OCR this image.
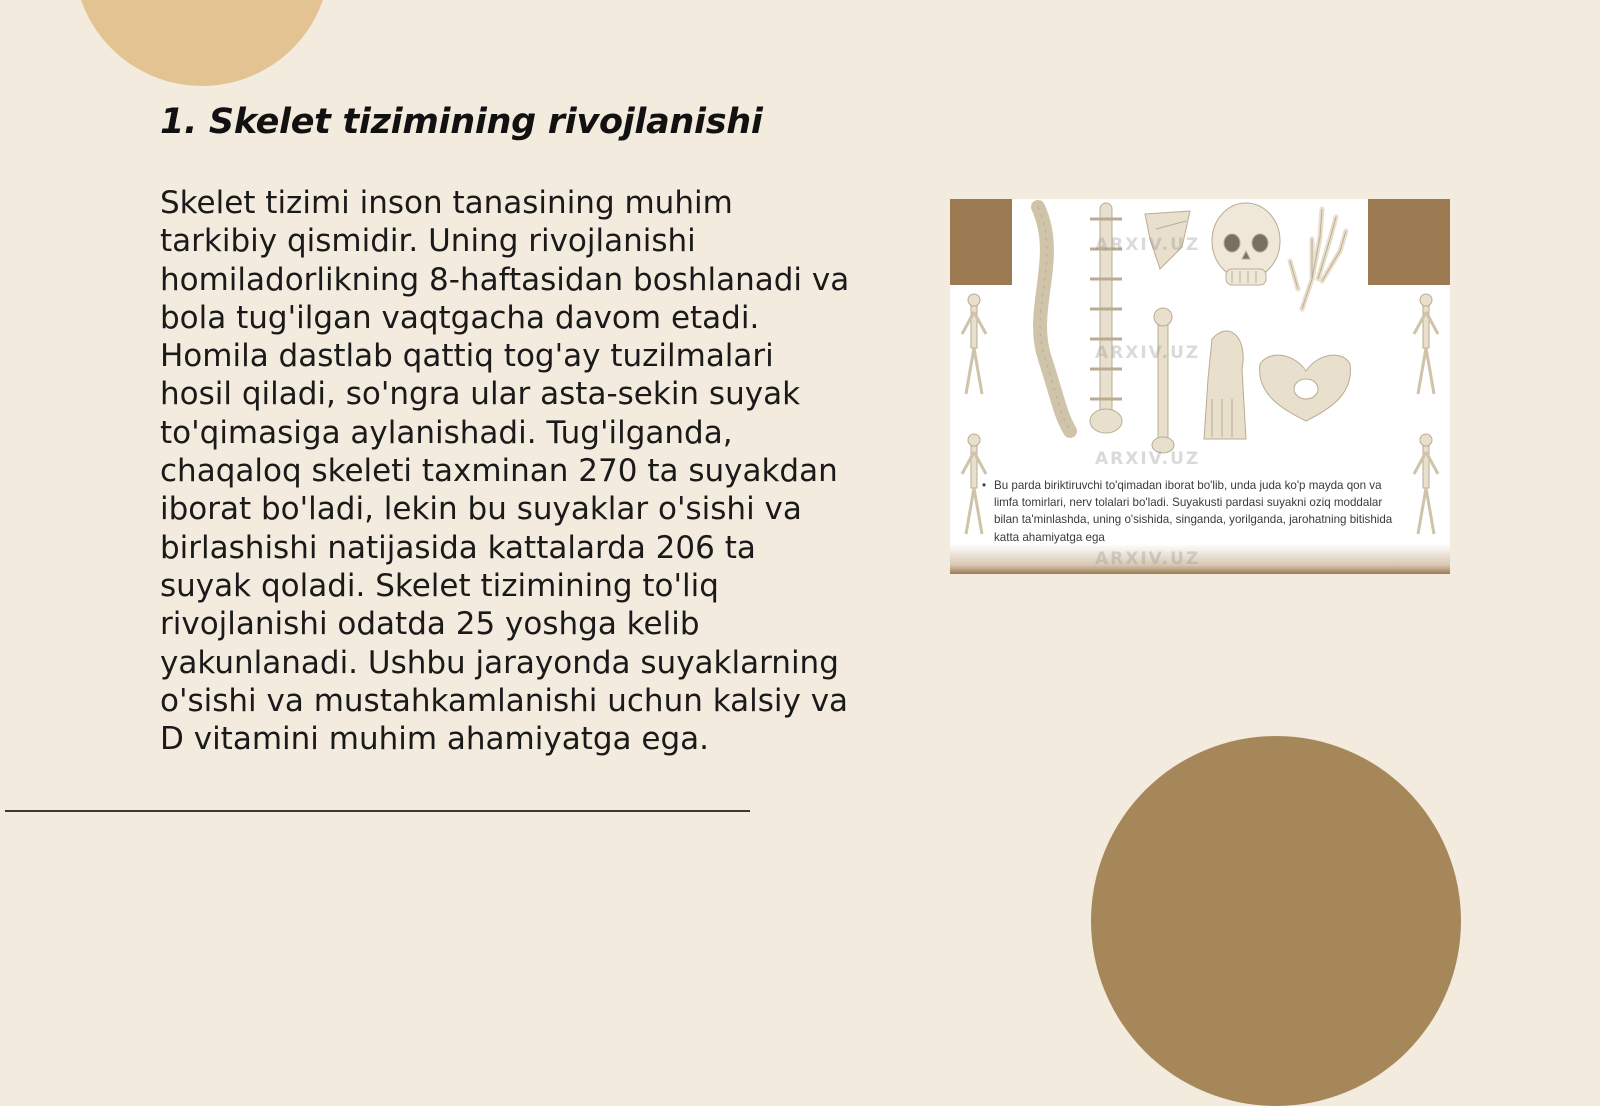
1. Skelet tizimining rivojlanishi
Skelet tizimi inson tanasining muhim tarkibiy qismidir. Uning rivojlanishi homiladorlikning 8-haftasidan boshlanadi va bola tug'ilgan vaqtgacha davom etadi. Homila dastlab qattiq tog'ay tuzilmalari hosil qiladi, so'ngra ular asta-sekin suyak to'qimasiga aylanishadi. Tug'ilganda, chaqaloq skeleti taxminan 270 ta suyakdan iborat bo'ladi, lekin bu suyaklar o'sishi va birlashishi natijasida kattalarda 206 ta suyak qoladi. Skelet tizimining to'liq rivojlanishi odatda 25 yoshga kelib yakunlanadi. Ushbu jarayonda suyaklarning o'sishi va mustahkamlanishi uchun kalsiy va D vitamini muhim ahamiyatga ega.
ARXIV.UZ
ARXIV.UZ
ARXIV.UZ
ARXIV.UZ
• Bu parda biriktiruvchi to'qimadan iborat bo'lib, unda juda ko'p mayda qon va limfa tomirlari, nerv tolalari bo'ladi. Suyakusti pardasi suyakni oziq moddalar bilan ta'minlashda, uning o'sishida, singanda, yorilganda, jarohatning bitishida katta ahamiyatga ega
